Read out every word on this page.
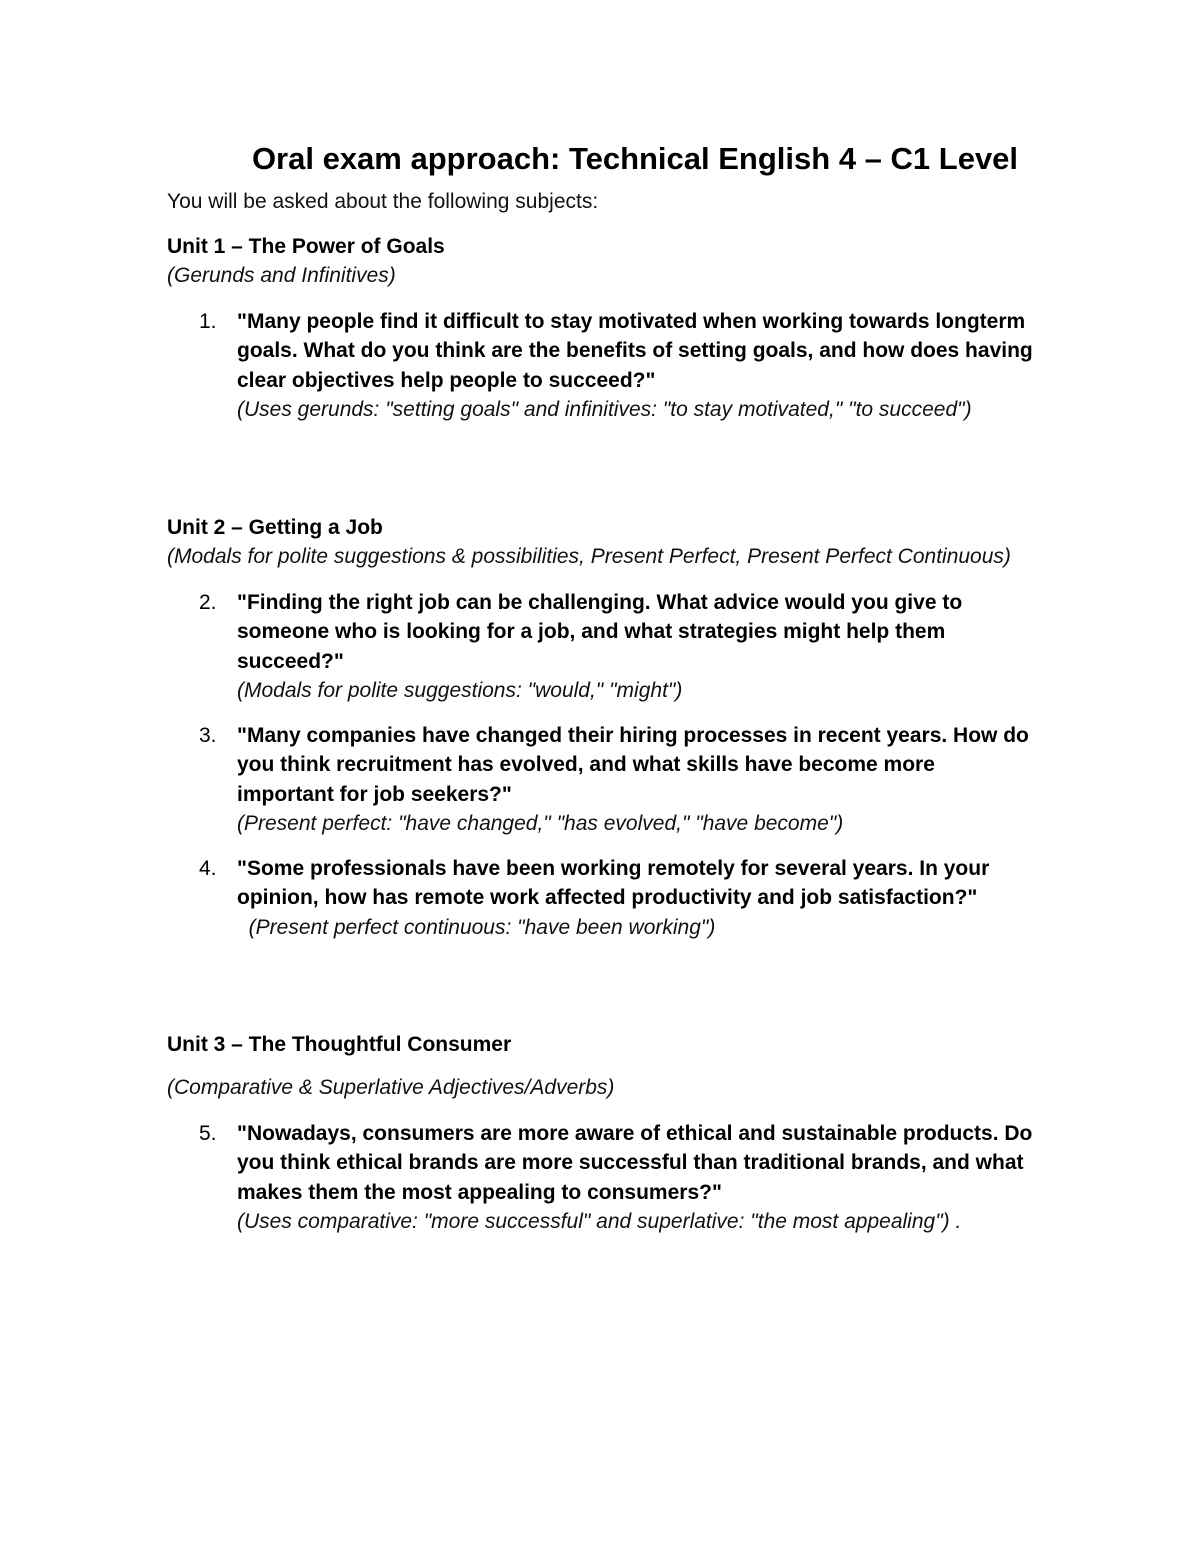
Oral exam approach: Technical English 4 – C1 Level

You will be asked about the following subjects:

Unit 1 – The Power of Goals

(Gerunds and Infinitives)

1. "Many people find it difficult to stay motivated when working towards longterm goals. What do you think are the benefits of setting goals, and how does having clear objectives help people to succeed?"
(Uses gerunds: "setting goals" and infinitives: "to stay motivated," "to succeed")

Unit 2 – Getting a Job

(Modals for polite suggestions & possibilities, Present Perfect, Present Perfect Continuous)

2. "Finding the right job can be challenging. What advice would you give to someone who is looking for a job, and what strategies might help them succeed?"
(Modals for polite suggestions: "would," "might")
3. "Many companies have changed their hiring processes in recent years. How do you think recruitment has evolved, and what skills have become more important for job seekers?"
(Present perfect: "have changed," "has evolved," "have become")
4. "Some professionals have been working remotely for several years. In your opinion, how has remote work affected productivity and job satisfaction?"   (Present perfect continuous: "have been working")

Unit 3 – The Thoughtful Consumer

(Comparative & Superlative Adjectives/Adverbs)

5. "Nowadays, consumers are more aware of ethical and sustainable products. Do you think ethical brands are more successful than traditional brands, and what makes them the most appealing to consumers?"
(Uses comparative: "more successful" and superlative: "the most appealing") .
